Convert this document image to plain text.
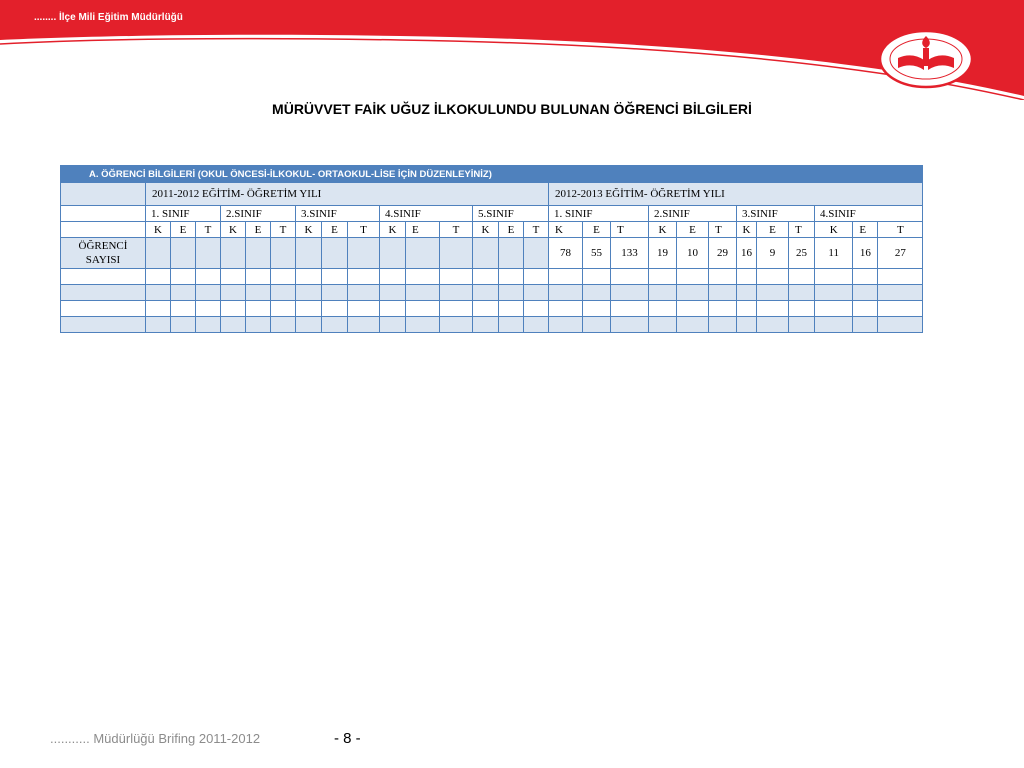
........ İlçe Mili Eğitim Müdürlüğü
MÜRÜVVET FAİK UĞUZ İLKOKULUNDU BULUNAN ÖĞRENCİ BİLGİLERİ
A. ÖĞRENCİ BİLGİLERİ (OKUL ÖNCESİ-İLKOKUL- ORTAOKUL-LİSE İÇİN DÜZENLEYİNİZ)																											
	2011-2012 EĞİTİM- ÖĞRETİM YILI															2012-2013 EĞİTİM- ÖĞRETİM YILI											
	1. SINIF			2.SINIF			3.SINIF			4.SINIF			5.SINIF			1. SINIF			2.SINIF			3.SINIF			4.SINIF		
	K	E	T	K	E	T	K	E	T	K	E	T	K	E	T	K	E	T	K	E	T	K	E	T	K	E	T
ÖĞRENCİ
SAYISI																78	55	133	19	10	29	16	9	25	11	16	27

........... Müdürlüğü Brifing 2011-2012	- 8 -
